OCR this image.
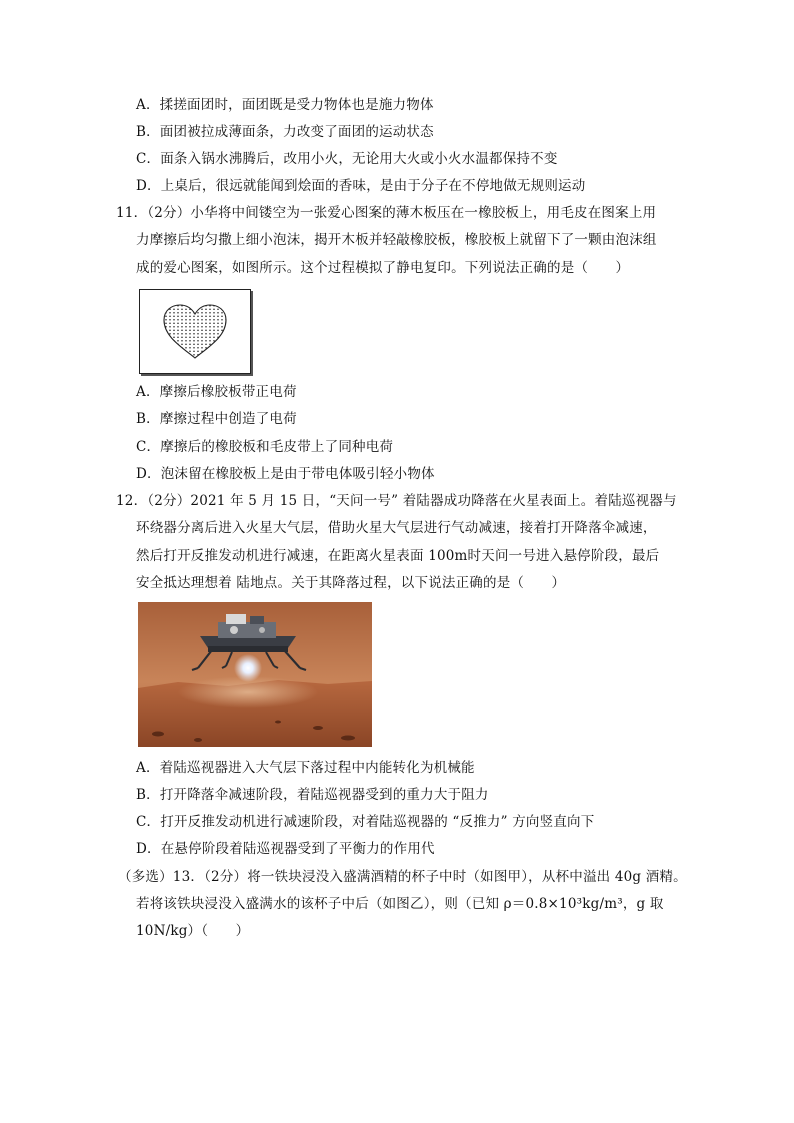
A．揉搓面团时，面团既是受力物体也是施力物体
B．面团被拉成薄面条，力改变了面团的运动状态
C．面条入锅水沸腾后，改用小火，无论用大火或小火水温都保持不变
D．上桌后，很远就能闻到烩面的香味，是由于分子在不停地做无规则运动
11．（2分）小华将中间镂空为一张爱心图案的薄木板压在一橡胶板上，用毛皮在图案上用
力摩擦后均匀撒上细小泡沫，揭开木板并轻敲橡胶板，橡胶板上就留下了一颗由泡沫组
成的爱心图案，如图所示。这个过程模拟了静电复印。下列说法正确的是（　　）
A．摩擦后橡胶板带正电荷
B．摩擦过程中创造了电荷
C．摩擦后的橡胶板和毛皮带上了同种电荷
D．泡沫留在橡胶板上是由于带电体吸引轻小物体
12．（2分）2021 年 5 月 15 日，“天问一号” 着陆器成功降落在火星表面上。着陆巡视器与
环绕器分离后进入火星大气层，借助火星大气层进行气动减速，接着打开降落伞减速，
然后打开反推发动机进行减速，在距离火星表面 100m时天问一号进入悬停阶段，最后
安全抵达理想着 陆地点。关于其降落过程，以下说法正确的是（　　）
A．着陆巡视器进入大气层下落过程中内能转化为机械能
B．打开降落伞减速阶段，着陆巡视器受到的重力大于阻力
C．打开反推发动机进行减速阶段，对着陆巡视器的 “反推力” 方向竖直向下
D．在悬停阶段着陆巡视器受到了平衡力的作用代
（多选）13．（2分）将一铁块浸没入盛满酒精的杯子中时（如图甲），从杯中溢出 40g 酒精。
若将该铁块浸没入盛满水的该杯子中后（如图乙），则（已知 ρ＝0.8×10³kg/m³，g 取
10N/kg）（　　）
